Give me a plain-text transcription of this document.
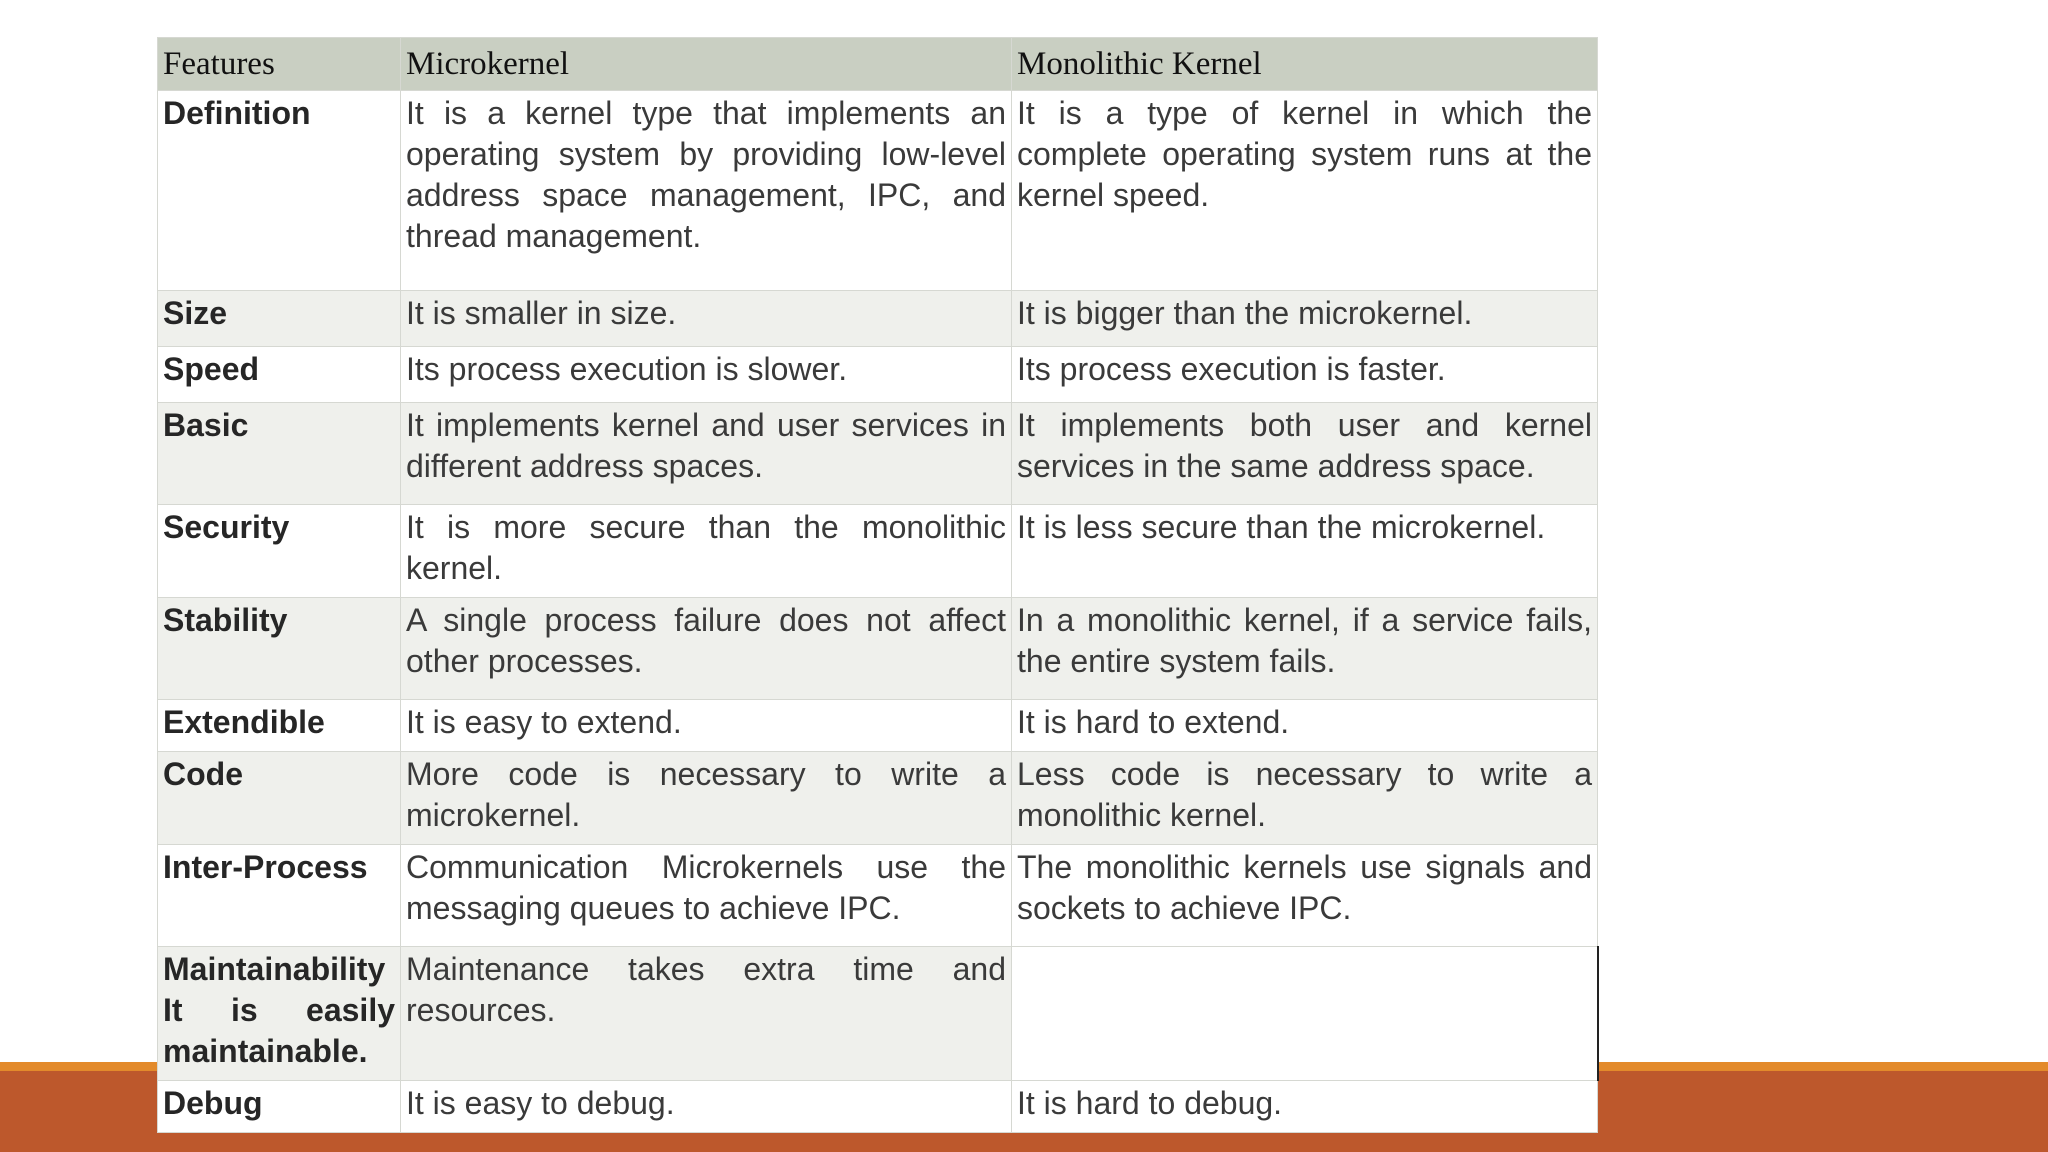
Features	Microkernel	Monolithic Kernel
Definition	It is a kernel type that implements an operating system by providing low-level address space management, IPC, and thread management.	It is a type of kernel in which the complete operating system runs at the kernel speed.
Size	It is smaller in size.	It is bigger than the microkernel.
Speed	Its process execution is slower.	Its process execution is faster.
Basic	It implements kernel and user services in different address spaces.	It implements both user and kernel services in the same address space.
Security	It is more secure than the monolithic kernel.	It is less secure than the microkernel.
Stability	A single process failure does not affect other processes.	In a monolithic kernel, if a service fails, the entire system fails.
Extendible	It is easy to extend.	It is hard to extend.
Code	More code is necessary to write a microkernel.	Less code is necessary to write a monolithic kernel.
Inter-Process	Communication Microkernels use the messaging queues to achieve IPC.	The monolithic kernels use signals and sockets to achieve IPC.
Maintainability It is easily maintainable.	Maintenance takes extra time and resources.	
Debug	It is easy to debug.	It is hard to debug.
